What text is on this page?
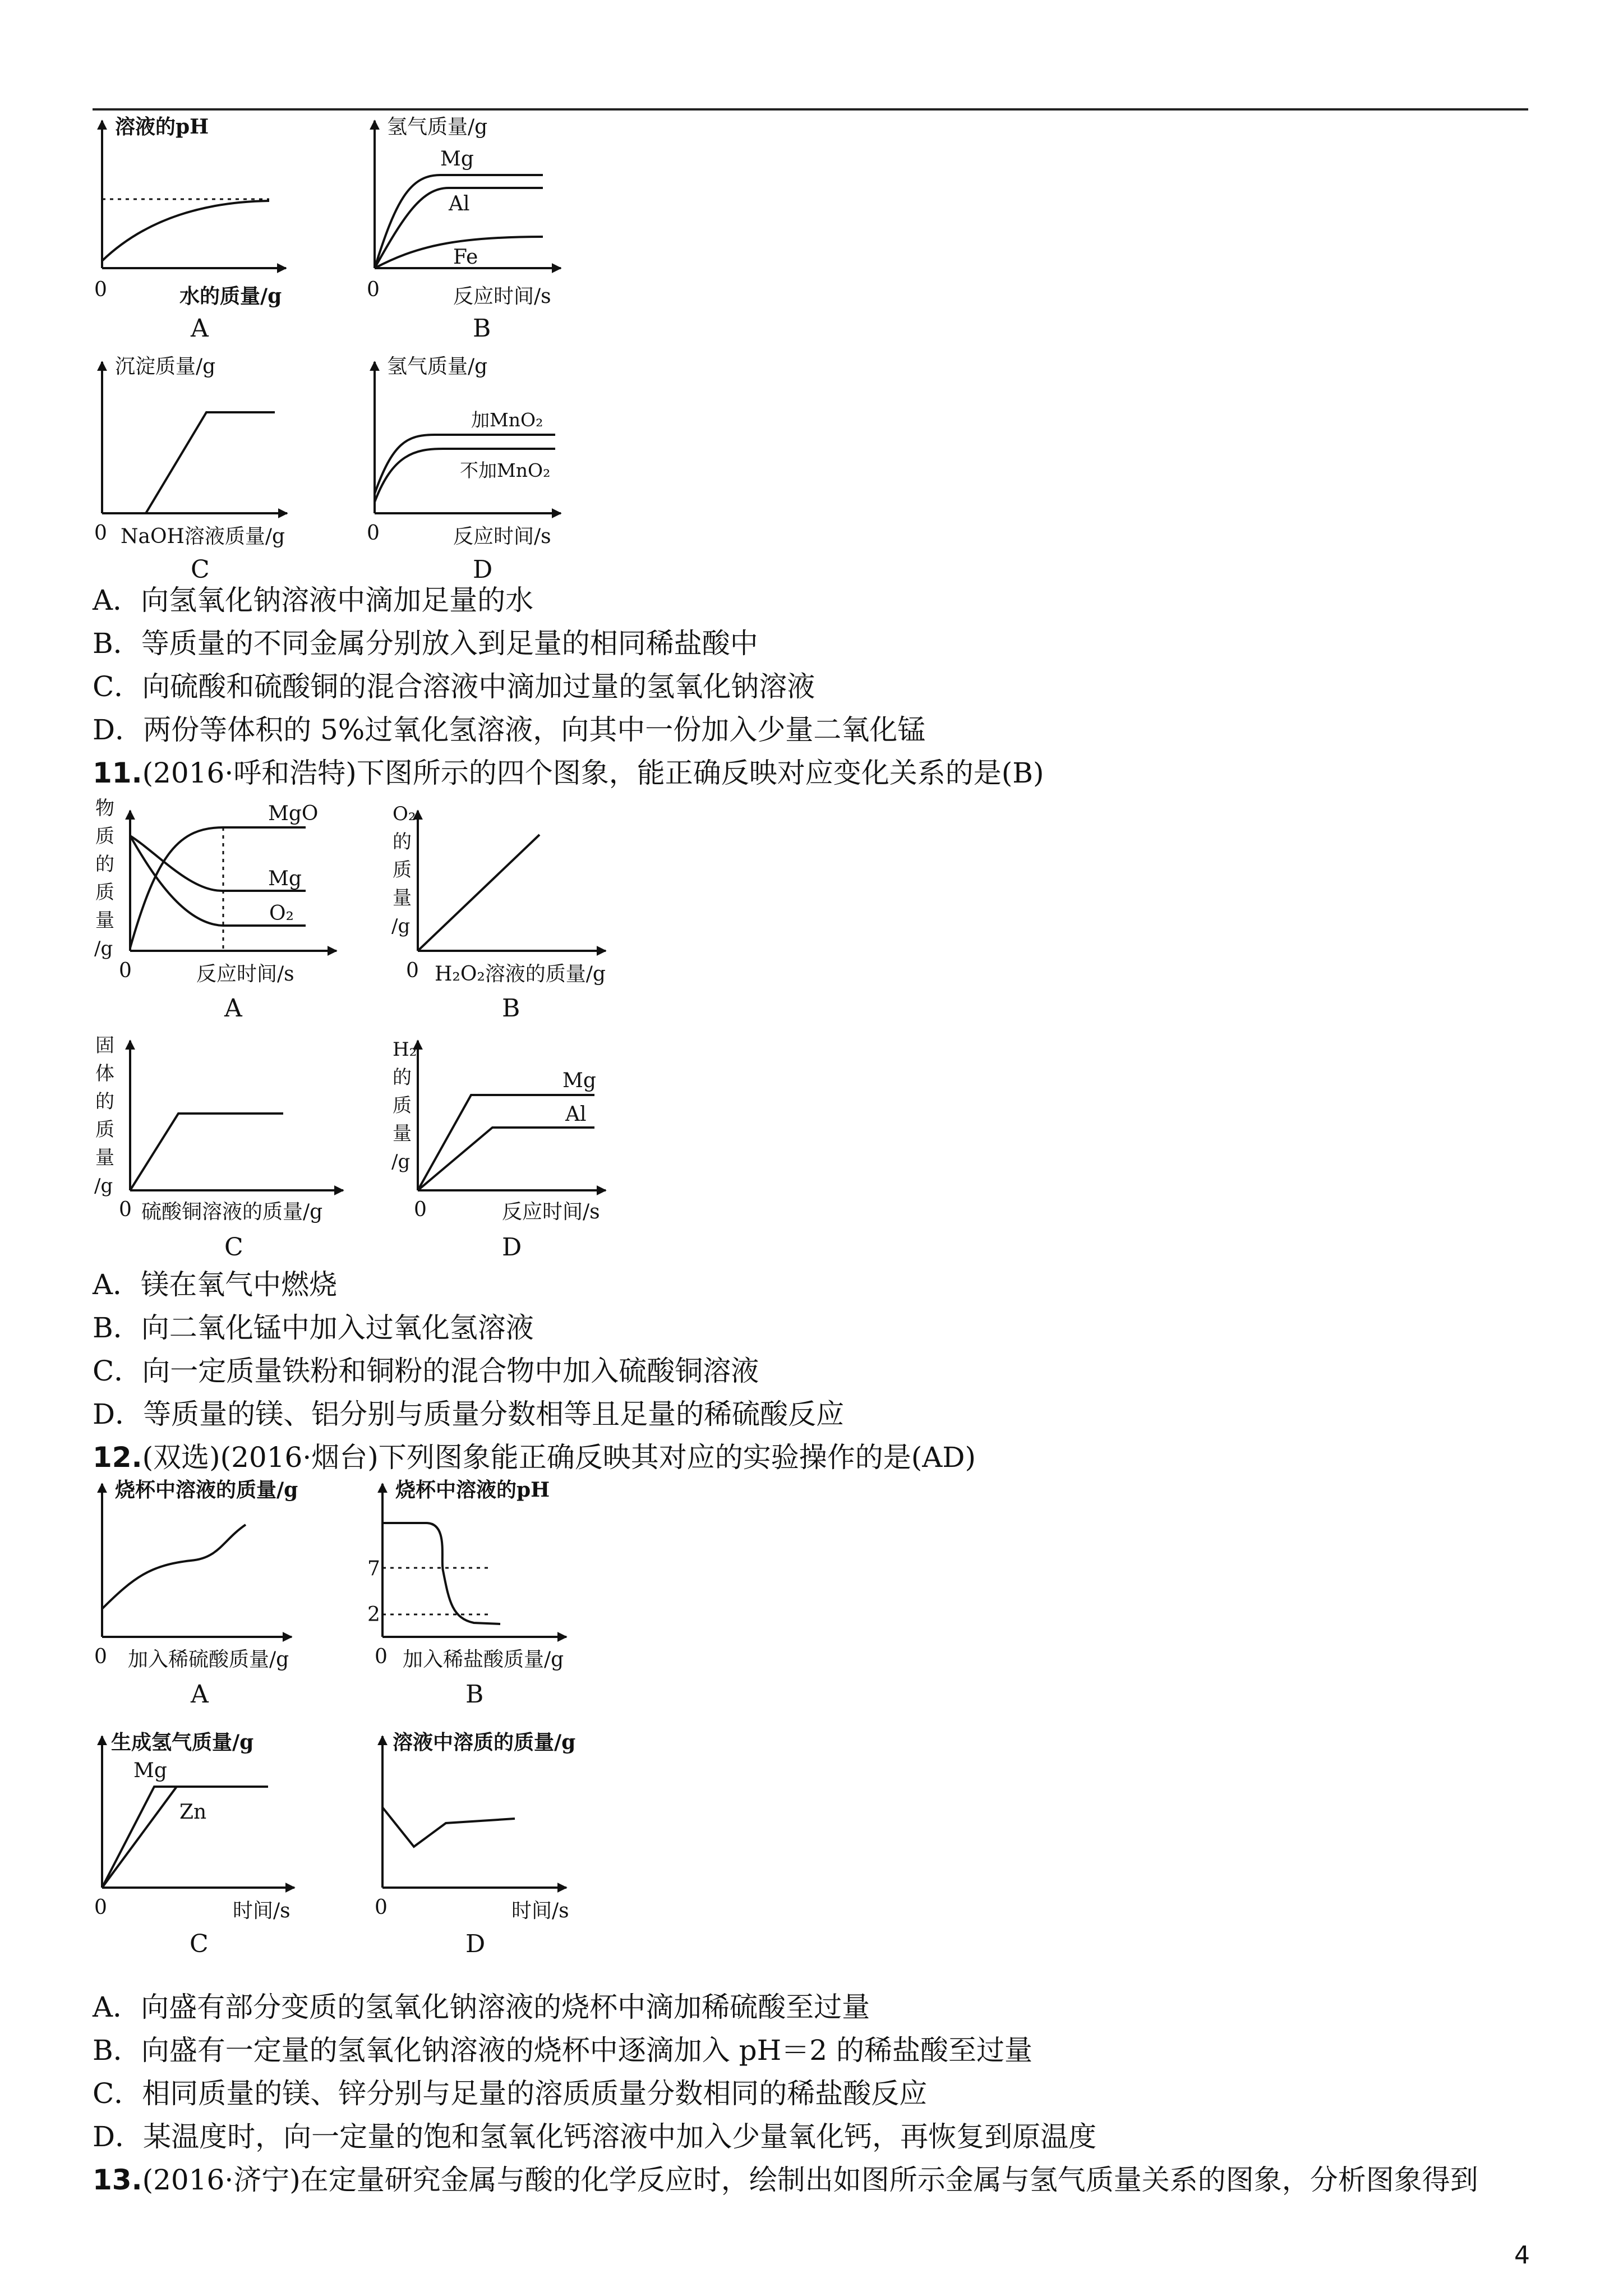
溶液的pH
水的质量/g
0
A
氢气质量/g
反应时间/s
0
B
Mg
Al
Fe
沉淀质量/g
NaOH溶液质量/g
0
C
氢气质量/g
反应时间/s
0
D
加MnO₂
不加MnO₂
物
质
的
质
量
/g
反应时间/s
0
A
MgO
Mg
O₂
O₂
的
质
量
/g
H₂O₂溶液的质量/g
0
B
固
体
的
质
量
/g
硫酸铜溶液的质量/g
0
C
H₂
的
质
量
/g
反应时间/s
0
D
Mg
Al
烧杯中溶液的质量/g
加入稀硫酸质量/g
0
A
烧杯中溶液的pH
加入稀盐酸质量/g
0
B
7
2
生成氢气质量/g
时间/s
0
C
Mg
Zn
溶液中溶质的质量/g
时间/s
0
D
A．向氢氧化钠溶液中滴加足量的水
B．等质量的不同金属分别放入到足量的相同稀盐酸中
C．向硫酸和硫酸铜的混合溶液中滴加过量的氢氧化钠溶液
D．两份等体积的 5%过氧化氢溶液，向其中一份加入少量二氧化锰
11.(2016·呼和浩特)下图所示的四个图象，能正确反映对应变化关系的是(B)
A．镁在氧气中燃烧
B．向二氧化锰中加入过氧化氢溶液
C．向一定质量铁粉和铜粉的混合物中加入硫酸铜溶液
D．等质量的镁、铝分别与质量分数相等且足量的稀硫酸反应
12.(双选)(2016·烟台)下列图象能正确反映其对应的实验操作的是(AD)
A．向盛有部分变质的氢氧化钠溶液的烧杯中滴加稀硫酸至过量
B．向盛有一定量的氢氧化钠溶液的烧杯中逐滴加入 pH＝2 的稀盐酸至过量
C．相同质量的镁、锌分别与足量的溶质质量分数相同的稀盐酸反应
D．某温度时，向一定量的饱和氢氧化钙溶液中加入少量氧化钙，再恢复到原温度
13.(2016·济宁)在定量研究金属与酸的化学反应时，绘制出如图所示金属与氢气质量关系的图象，分析图象得到
4
